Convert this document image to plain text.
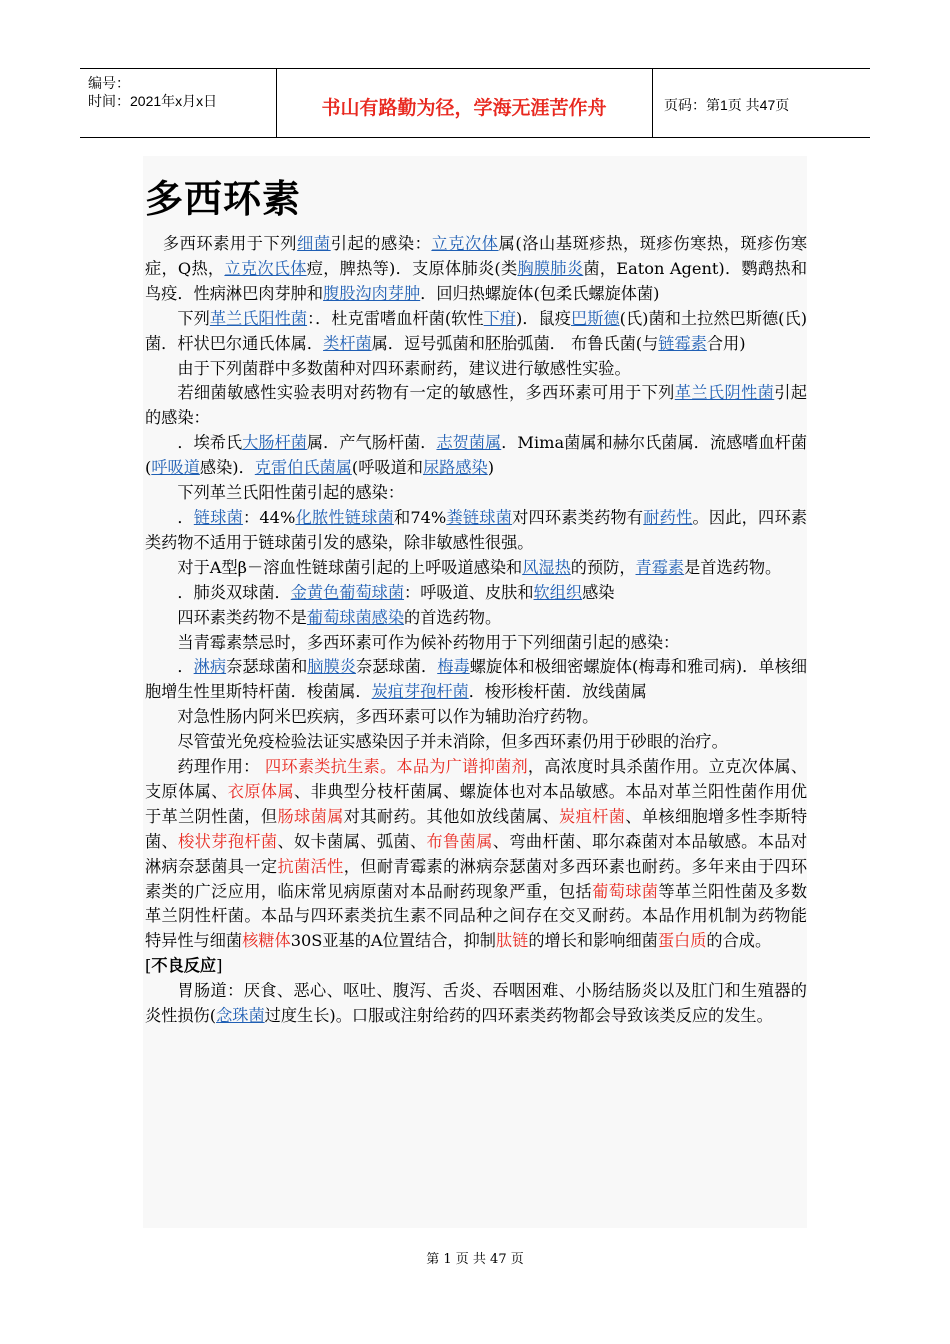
编号：
时间：2021年x月x日	书山有路勤为径，学海无涯苦作舟	页码：第1页 共47页
多西环素

多西环素用于下列细菌引起的感染：立克次体属(洛山基斑疹热，斑疹伤寒热，斑疹伤寒症，Q热，立克次氏体痘，脾热等)．支原体肺炎(类胸膜肺炎菌，Eaton Agent)．鹦鹉热和鸟疫．性病淋巴肉芽肿和腹股沟肉芽肿．回归热螺旋体(包柔氏螺旋体菌)

下列革兰氏阳性菌：．杜克雷嗜血杆菌(软性下疳)．鼠疫巴斯德(氏)菌和土拉然巴斯德(氏)菌．杆状巴尔通氏体属．类杆菌属．逗号弧菌和胚胎弧菌． 布鲁氏菌(与链霉素合用)

由于下列菌群中多数菌种对四环素耐药，建议进行敏感性实验。

若细菌敏感性实验表明对药物有一定的敏感性，多西环素可用于下列革兰氏阴性菌引起的感染：

．埃希氏大肠杆菌属．产气肠杆菌．志贺菌属．Mima菌属和赫尔氏菌属．流感嗜血杆菌(呼吸道感染)．克雷伯氏菌属(呼吸道和尿路感染)

下列革兰氏阳性菌引起的感染：

．链球菌：44%化脓性链球菌和74%粪链球菌对四环素类药物有耐药性。因此，四环素类药物不适用于链球菌引发的感染，除非敏感性很强。

对于A型β－溶血性链球菌引起的上呼吸道感染和风湿热的预防，青霉素是首选药物。

．肺炎双球菌．金黄色葡萄球菌：呼吸道、皮肤和软组织感染

四环素类药物不是葡萄球菌感染的首选药物。

当青霉素禁忌时，多西环素可作为候补药物用于下列细菌引起的感染：

．淋病奈瑟球菌和脑膜炎奈瑟球菌．梅毒螺旋体和极细密螺旋体(梅毒和雅司病)．单核细胞增生性里斯特杆菌．梭菌属．炭疽芽孢杆菌．梭形梭杆菌．放线菌属

对急性肠内阿米巴疾病，多西环素可以作为辅助治疗药物。

尽管萤光免疫检验法证实感染因子并未消除，但多西环素仍用于砂眼的治疗。

药理作用： 四环素类抗生素。本品为广谱抑菌剂，高浓度时具杀菌作用。立克次体属、支原体属、衣原体属、非典型分枝杆菌属、螺旋体也对本品敏感。本品对革兰阳性菌作用优于革兰阴性菌，但肠球菌属对其耐药。其他如放线菌属、炭疽杆菌、单核细胞增多性李斯特菌、梭状芽孢杆菌、奴卡菌属、弧菌、布鲁菌属、弯曲杆菌、耶尔森菌对本品敏感。本品对淋病奈瑟菌具一定抗菌活性，但耐青霉素的淋病奈瑟菌对多西环素也耐药。多年来由于四环素类的广泛应用，临床常见病原菌对本品耐药现象严重，包括葡萄球菌等革兰阳性菌及多数革兰阴性杆菌。本品与四环素类抗生素不同品种之间存在交叉耐药。本品作用机制为药物能特异性与细菌核糖体30S亚基的A位置结合，抑制肽链的增长和影响细菌蛋白质的合成。

[不良反应]

胃肠道：厌食、恶心、呕吐、腹泻、舌炎、吞咽困难、小肠结肠炎以及肛门和生殖器的炎性损伤(念珠菌过度生长)。口服或注射给药的四环素类药物都会导致该类反应的发生。

第 1 页 共 47 页
